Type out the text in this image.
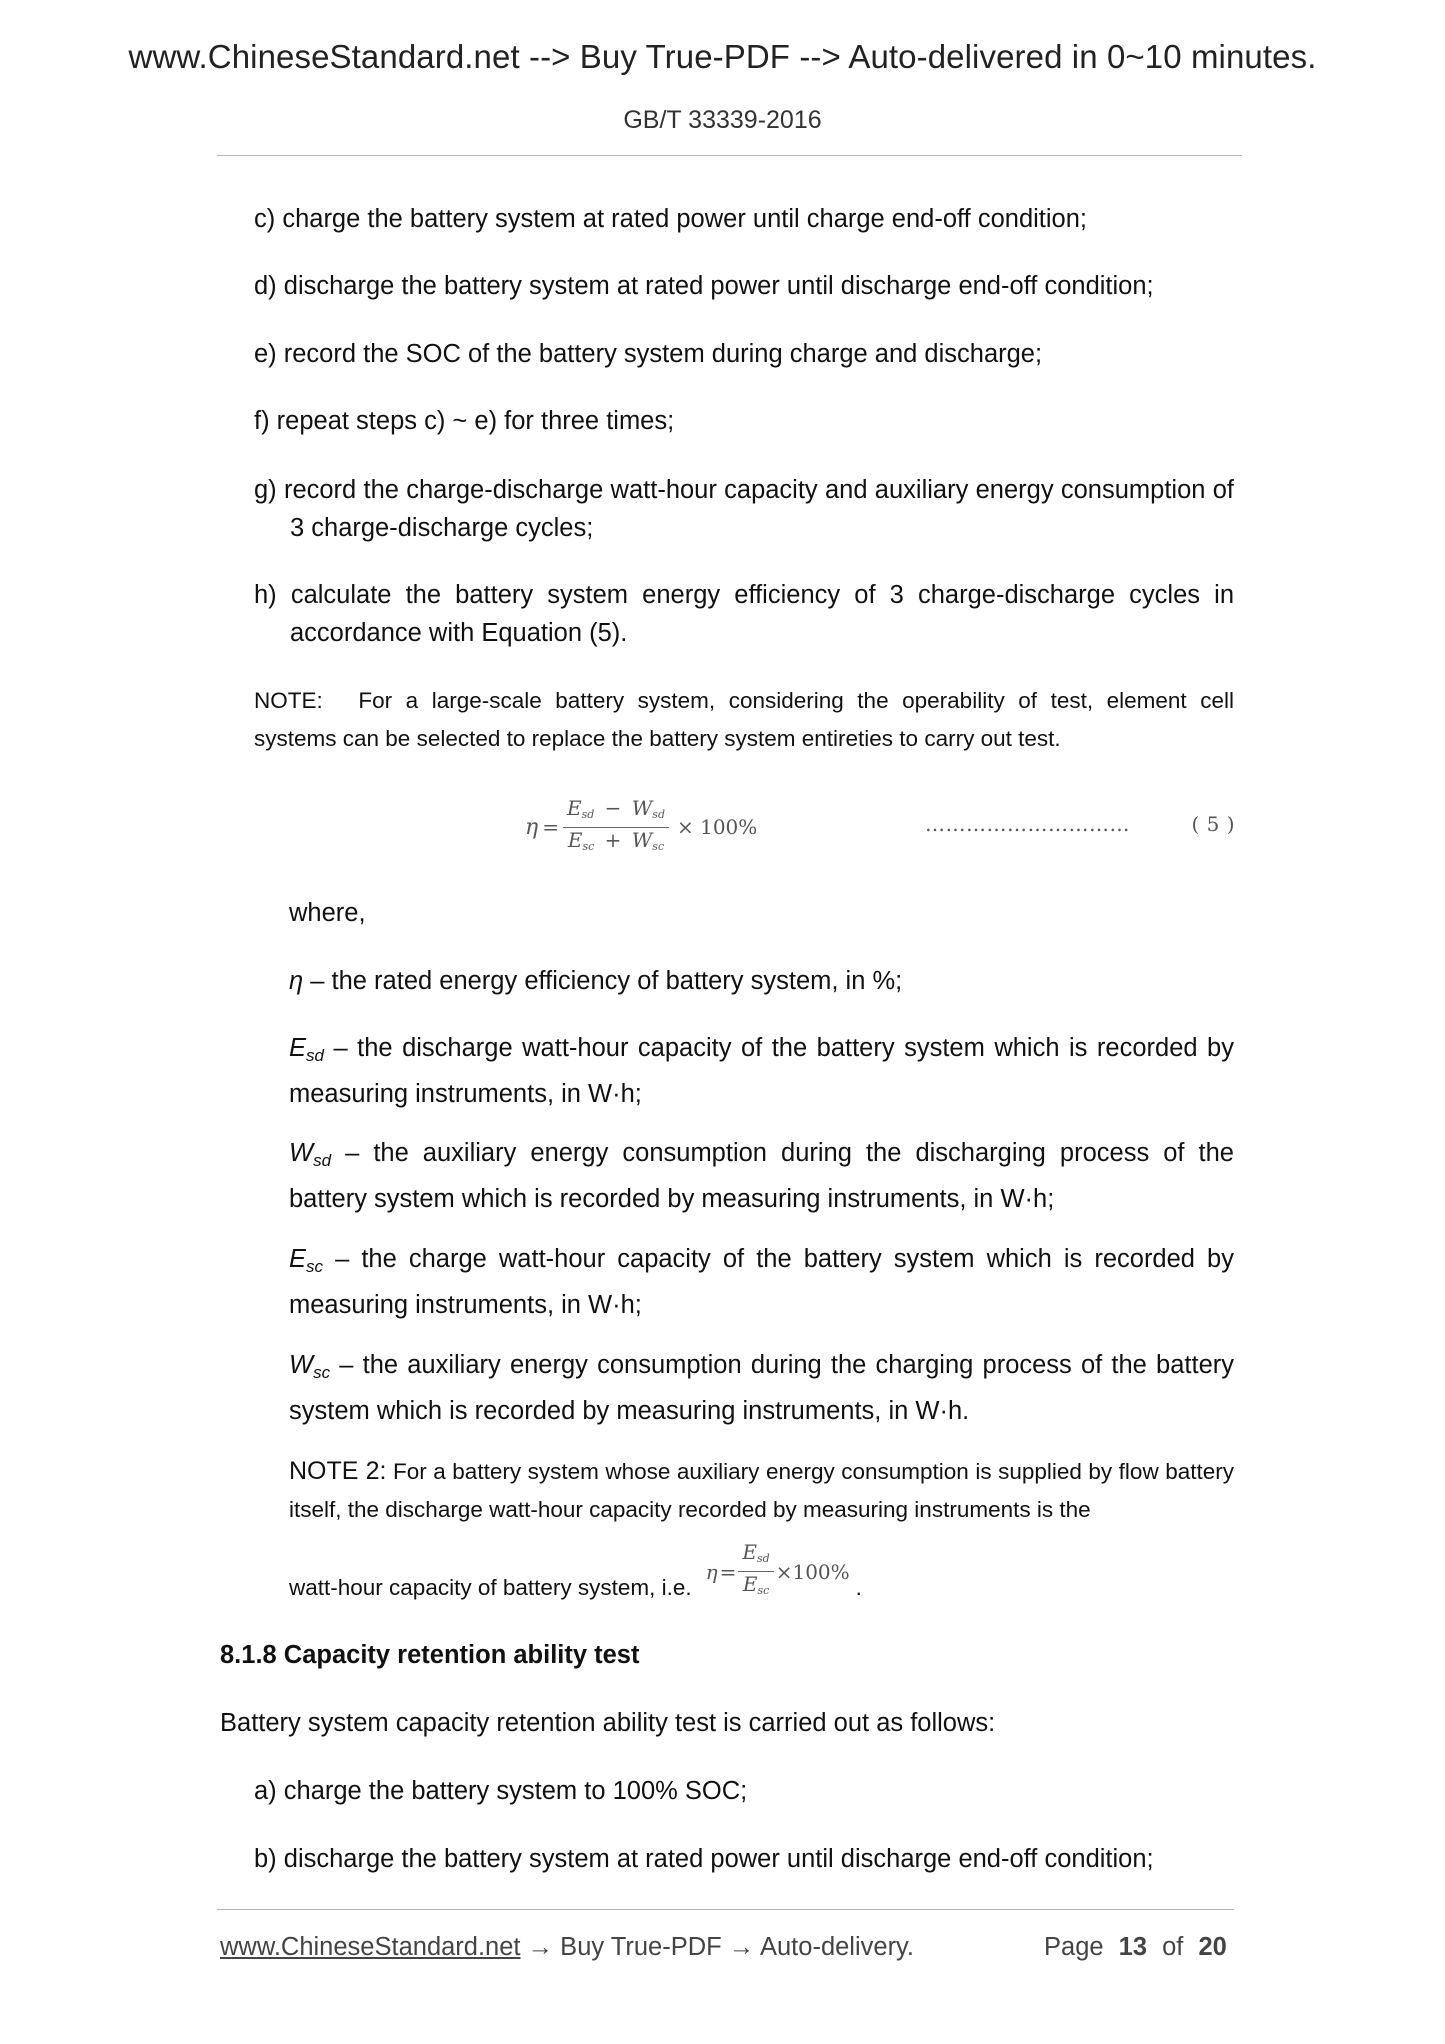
www.ChineseStandard.net --> Buy True-PDF --> Auto-delivered in 0~10 minutes.
GB/T 33339-2016
c) charge the battery system at rated power until charge end-off condition;
d) discharge the battery system at rated power until discharge end-off condition;
e) record the SOC of the battery system during charge and discharge;
f) repeat steps c) ~ e) for three times;
g) record the charge-discharge watt-hour capacity and auxiliary energy consumption of 3 charge-discharge cycles;
h) calculate the battery system energy efficiency of 3 charge-discharge cycles in accordance with Equation (5).
NOTE: For a large-scale battery system, considering the operability of test, element cell systems can be selected to replace the battery system entireties to carry out test.
$\eta = \frac{E_{sd} - W_{sd}}{E_{sc} + W_{sc}} \times 100\%$	…………………………	( 5 )
where,
η – the rated energy efficiency of battery system, in %;
Esd – the discharge watt-hour capacity of the battery system which is recorded by measuring instruments, in W·h;
Wsd – the auxiliary energy consumption during the discharging process of the battery system which is recorded by measuring instruments, in W·h;
Esc – the charge watt-hour capacity of the battery system which is recorded by measuring instruments, in W·h;
Wsc – the auxiliary energy consumption during the charging process of the battery system which is recorded by measuring instruments, in W·h.
NOTE 2: For a battery system whose auxiliary energy consumption is supplied by flow battery itself, the discharge watt-hour capacity recorded by measuring instruments is the
watt-hour capacity of battery system, i.e.
$\eta = \frac{E_{sd}}{E_{sc}} \times 100\%$
.
8.1.8 Capacity retention ability test
Battery system capacity retention ability test is carried out as follows:
a) charge the battery system to 100% SOC;
b) discharge the battery system at rated power until discharge end-off condition;
www.ChineseStandard.net → Buy True-PDF → Auto-delivery.	Page 13 of 20
